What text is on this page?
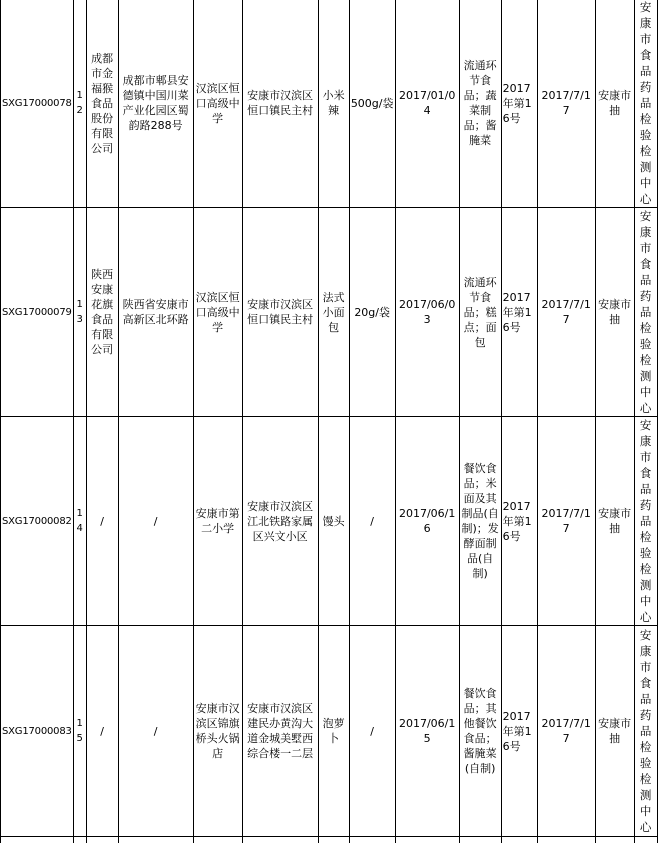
SXG17000078	12	成都市金福猴食品股份有限公司	成都市郫县安德镇中国川菜产业化园区蜀韵路288号	汉滨区恒口高级中学	安康市汉滨区恒口镇民主村	小米辣	500g/袋	2017/01/04	流通环节食品；蔬菜制品；酱腌菜	2017年第16号	2017/7/17	安康市抽	安康市食品药品检验检测中心
SXG17000079	13	陕西安康花旗食品有限公司	陕西省安康市高新区北环路	汉滨区恒口高级中学	安康市汉滨区恒口镇民主村	法式小面包	20g/袋	2017/06/03	流通环节食品；糕点；面包	2017年第16号	2017/7/17	安康市抽	安康市食品药品检验检测中心
SXG17000082	14	/	/	安康市第二小学	安康市汉滨区江北铁路家属区兴文小区	馒头	/	2017/06/16	餐饮食品；米面及其制品(自制)；发酵面制品(自制)	2017年第16号	2017/7/17	安康市抽	安康市食品药品检验检测中心
SXG17000083	15	/	/	安康市汉滨区锦旗桥头火锅店	安康市汉滨区建民办黄沟大道金城美墅西综合楼一二层	泡萝卜	/	2017/06/15	餐饮食品；其他餐饮食品；酱腌菜(自制)	2017年第16号	2017/7/17	安康市抽	安康市食品药品检验检测中心
